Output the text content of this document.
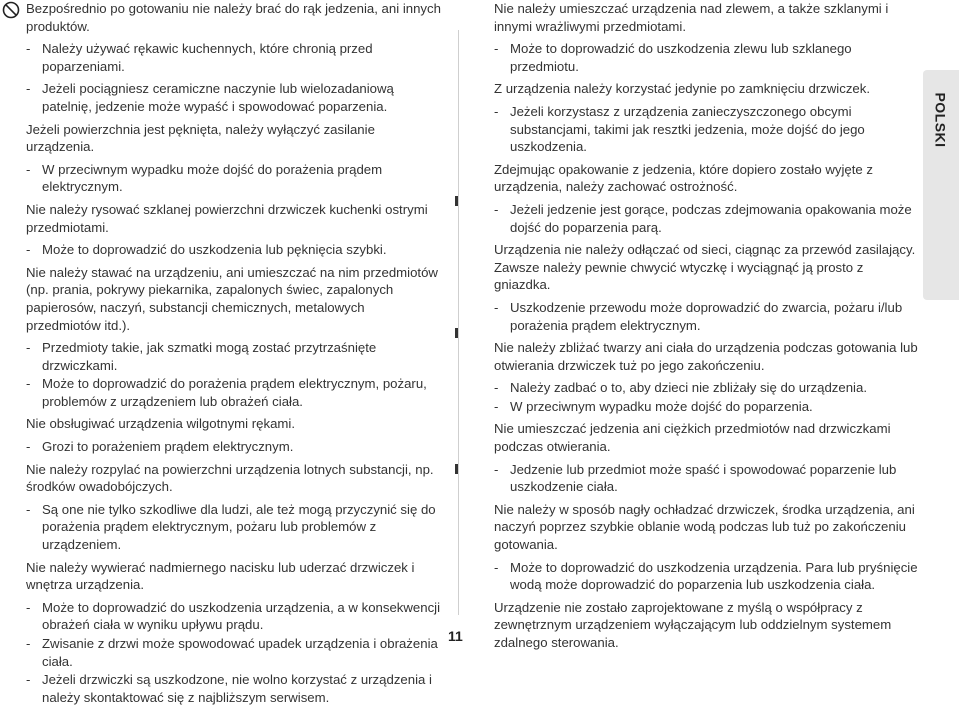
Bezpośrednio po gotowaniu nie należy brać do rąk jedzenia, ani innych produktów.
- Należy używać rękawic kuchennych, które chronią przed poparzeniami.
- Jeżeli pociągniesz ceramiczne naczynie lub wielozadaniową patelnię, jedzenie może wypaść i spowodować poparzenia.
Jeżeli powierzchnia jest pęknięta, należy wyłączyć zasilanie urządzenia.
- W przeciwnym wypadku może dojść do porażenia prądem elektrycznym.
Nie należy rysować szklanej powierzchni drzwiczek kuchenki ostrymi przedmiotami.
- Może to doprowadzić do uszkodzenia lub pęknięcia szybki.
Nie należy stawać na urządzeniu, ani umieszczać na nim przedmiotów (np. prania, pokrywy piekarnika, zapalonych świec, zapalonych papierosów, naczyń, substancji chemicznych, metalowych przedmiotów itd.).
- Przedmioty takie, jak szmatki mogą zostać przytrzaśnięte drzwiczkami.
- Może to doprowadzić do porażenia prądem elektrycznym, pożaru, problemów z urządzeniem lub obrażeń ciała.
Nie obsługiwać urządzenia wilgotnymi rękami.
- Grozi to porażeniem prądem elektrycznym.
Nie należy rozpylać na powierzchni urządzenia lotnych substancji, np. środków owadobójczych.
- Są one nie tylko szkodliwe dla ludzi, ale też mogą przyczynić się do porażenia prądem elektrycznym, pożaru lub problemów z urządzeniem.
Nie należy wywierać nadmiernego nacisku lub uderzać drzwiczek i wnętrza urządzenia.
- Może to doprowadzić do uszkodzenia urządzenia, a w konsekwencji obrażeń ciała w wyniku upływu prądu.
- Zwisanie z drzwi może spowodować upadek urządzenia i obrażenia ciała.
- Jeżeli drzwiczki są uszkodzone, nie wolno korzystać z urządzenia i należy skontaktować się z najbliższym serwisem.
Nie należy umieszczać urządzenia nad zlewem, a także szklanymi i innymi wrażliwymi przedmiotami.
- Może to doprowadzić do uszkodzenia zlewu lub szklanego przedmiotu.
Z urządzenia należy korzystać jedynie po zamknięciu drzwiczek.
- Jeżeli korzystasz z urządzenia zanieczyszczonego obcymi substancjami, takimi jak resztki jedzenia, może dojść do jego uszkodzenia.
Zdejmując opakowanie z jedzenia, które dopiero zostało wyjęte z urządzenia, należy zachować ostrożność.
- Jeżeli jedzenie jest gorące, podczas zdejmowania opakowania może dojść do poparzenia parą.
Urządzenia nie należy odłączać od sieci, ciągnąc za przewód zasilający. Zawsze należy pewnie chwycić wtyczkę i wyciągnąć ją prosto z gniazdka.
- Uszkodzenie przewodu może doprowadzić do zwarcia, pożaru i/lub porażenia prądem elektrycznym.
Nie należy zbliżać twarzy ani ciała do urządzenia podczas gotowania lub otwierania drzwiczek tuż po jego zakończeniu.
- Należy zadbać o to, aby dzieci nie zbliżały się do urządzenia.
- W przeciwnym wypadku może dojść do poparzenia.
Nie umieszczać jedzenia ani ciężkich przedmiotów nad drzwiczkami podczas otwierania.
- Jedzenie lub przedmiot może spaść i spowodować poparzenie lub uszkodzenie ciała.
Nie należy w sposób nagły ochładzać drzwiczek, środka urządzenia, ani naczyń poprzez szybkie oblanie wodą podczas lub tuż po zakończeniu gotowania.
- Może to doprowadzić do uszkodzenia urządzenia. Para lub pryśnięcie wodą może doprowadzić do poparzenia lub uszkodzenia ciała.
Urządzenie nie zostało zaprojektowane z myślą o współpracy z zewnętrznym urządzeniem wyłączającym lub oddzielnym systemem zdalnego sterowania.
POLSKI
11
